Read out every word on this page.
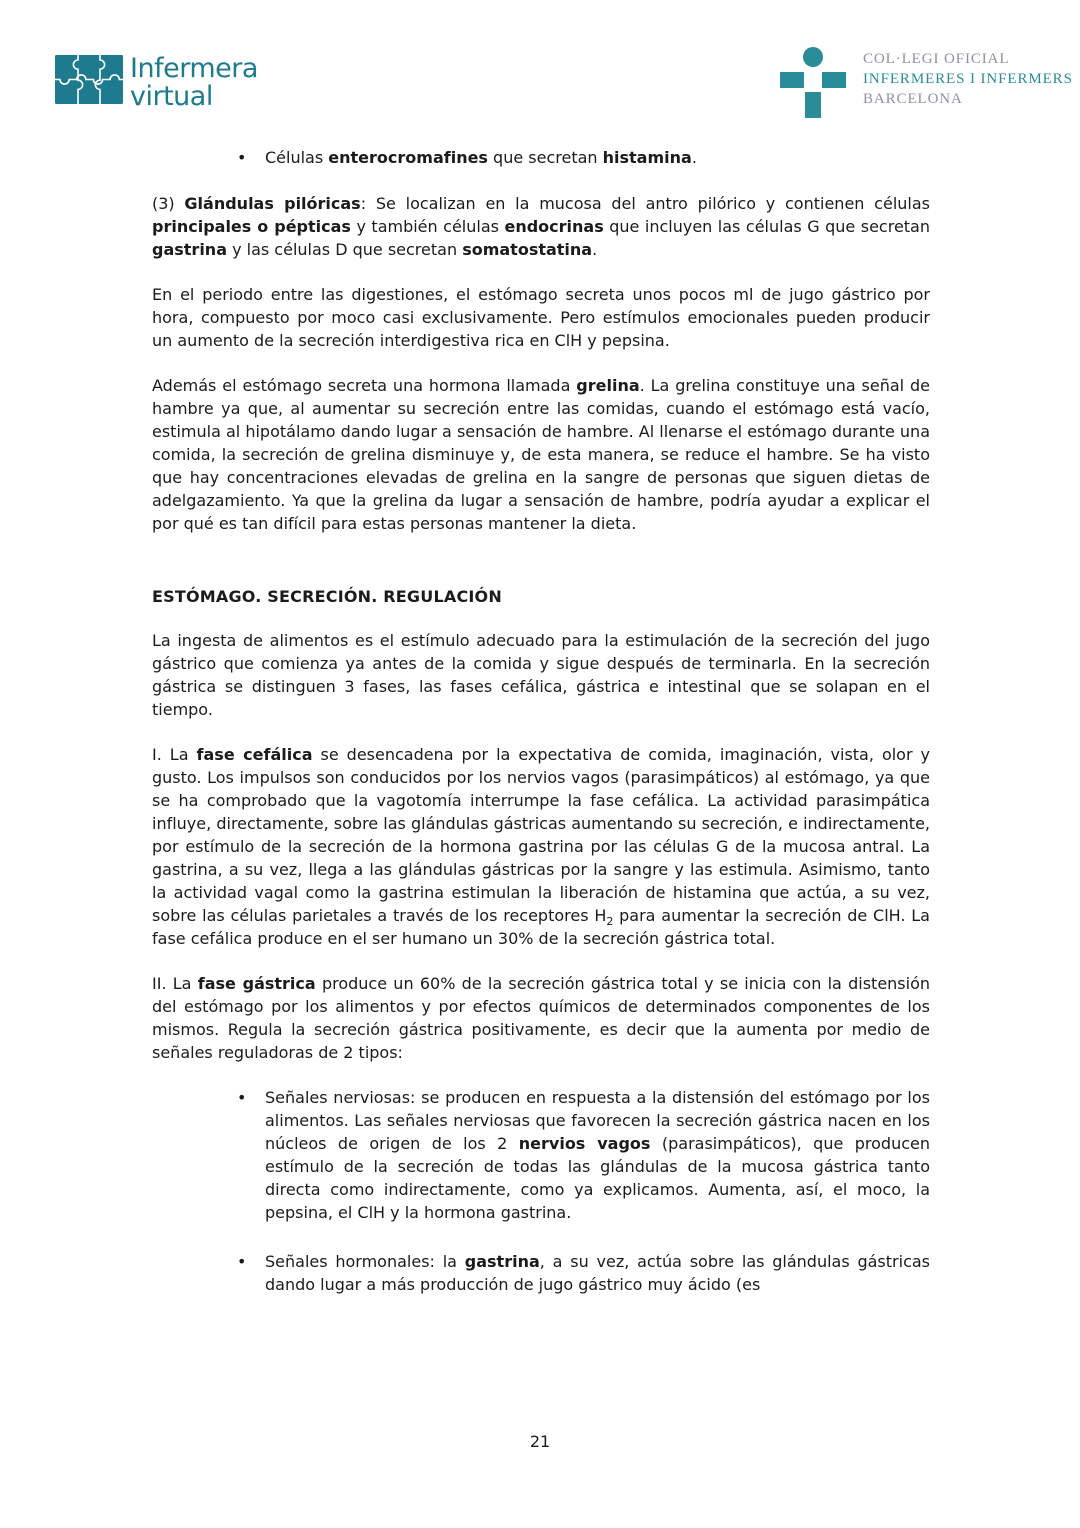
Infermera
virtual
COL·LEGI OFICIAL
INFERMERES I INFERMERS
BARCELONA
• Células enterocromafines que secretan histamina.

(3) Glándulas pilóricas: Se localizan en la mucosa del antro pilórico y contienen células principales o pépticas y también células endocrinas que incluyen las células G que secretan gastrina y las células D que secretan somatostatina.

En el periodo entre las digestiones, el estómago secreta unos pocos ml de jugo gástrico por hora, compuesto por moco casi exclusivamente. Pero estímulos emocionales pueden producir un aumento de la secreción interdigestiva rica en ClH y pepsina.

Además el estómago secreta una hormona llamada grelina. La grelina constituye una señal de hambre ya que, al aumentar su secreción entre las comidas, cuando el estómago está vacío, estimula al hipotálamo dando lugar a sensación de hambre. Al llenarse el estómago durante una comida, la secreción de grelina disminuye y, de esta manera, se reduce el hambre. Se ha visto que hay concentraciones elevadas de grelina en la sangre de personas que siguen dietas de adelgazamiento. Ya que la grelina da lugar a sensación de hambre, podría ayudar a explicar el por qué es tan difícil para estas personas mantener la dieta.

ESTÓMAGO. SECRECIÓN. REGULACIÓN

La ingesta de alimentos es el estímulo adecuado para la estimulación de la secreción del jugo gástrico que comienza ya antes de la comida y sigue después de terminarla. En la secreción gástrica se distinguen 3 fases, las fases cefálica, gástrica e intestinal que se solapan en el tiempo.

I. La fase cefálica se desencadena por la expectativa de comida, imaginación, vista, olor y gusto. Los impulsos son conducidos por los nervios vagos (parasimpáticos) al estómago, ya que se ha comprobado que la vagotomía interrumpe la fase cefálica. La actividad parasimpática influye, directamente, sobre las glándulas gástricas aumentando su secreción, e indirectamente, por estímulo de la secreción de la hormona gastrina por las células G de la mucosa antral. La gastrina, a su vez, llega a las glándulas gástricas por la sangre y las estimula. Asimismo, tanto la actividad vagal como la gastrina estimulan la liberación de histamina que actúa, a su vez, sobre las células parietales a través de los receptores $H_2$ para aumentar la secreción de ClH. La fase cefálica produce en el ser humano un 30% de la secreción gástrica total.

II. La fase gástrica produce un 60% de la secreción gástrica total y se inicia con la distensión del estómago por los alimentos y por efectos químicos de determinados componentes de los mismos. Regula la secreción gástrica positivamente, es decir que la aumenta por medio de señales reguladoras de 2 tipos:

• Señales nerviosas: se producen en respuesta a la distensión del estómago por los alimentos. Las señales nerviosas que favorecen la secreción gástrica nacen en los núcleos de origen de los 2 nervios vagos (parasimpáticos), que producen estímulo de la secreción de todas las glándulas de la mucosa gástrica tanto directa como indirectamente, como ya explicamos. Aumenta, así, el moco, la pepsina, el ClH y la hormona gastrina.
• Señales hormonales: la gastrina, a su vez, actúa sobre las glándulas gástricas dando lugar a más producción de jugo gástrico muy ácido (es
21
